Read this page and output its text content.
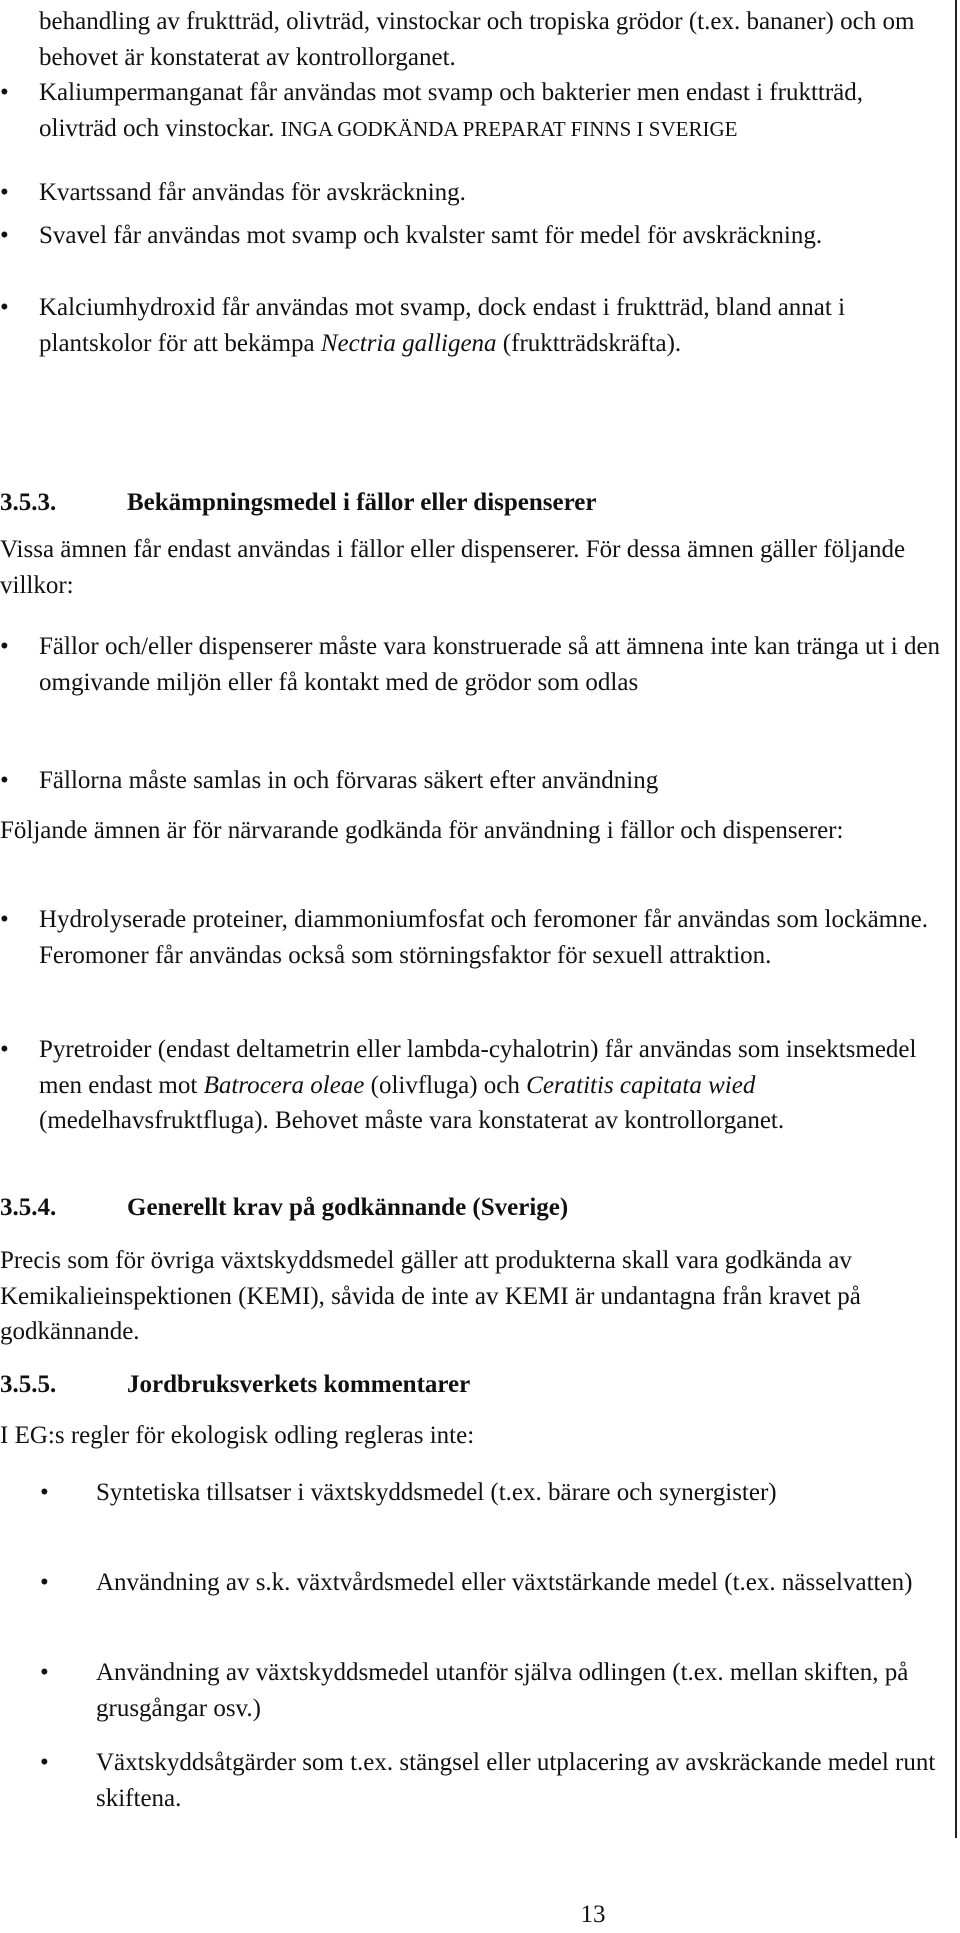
behandling av fruktträd, olivträd, vinstockar och tropiska grödor (t.ex. bananer) och om behovet är konstaterat av kontrollorganet.

•	Kaliumpermanganat får användas mot svamp och bakterier men endast i fruktträd, olivträd och vinstockar. INGA GODKÄNDA PREPARAT FINNS I SVERIGE
•	Kvartssand får användas för avskräckning.
•	Svavel får användas mot svamp och kvalster samt för medel för avskräckning.
•	Kalciumhydroxid får användas mot svamp, dock endast i fruktträd, bland annat i plantskolor för att bekämpa Nectria galligena (fruktträdskräfta).
3.5.3.	Bekämpningsmedel i fällor eller dispenserer

Vissa ämnen får endast användas i fällor eller dispenserer. För dessa ämnen gäller följande villkor:

•	Fällor och/eller dispenserer måste vara konstruerade så att ämnena inte kan tränga ut i den omgivande miljön eller få kontakt med de grödor som odlas
•	Fällorna måste samlas in och förvaras säkert efter användning

Följande ämnen är för närvarande godkända för användning i fällor och dispenserer:

•	Hydrolyserade proteiner, diammoniumfosfat och feromoner får användas som lockämne. Feromoner får användas också som störningsfaktor för sexuell attraktion.
•	Pyretroider (endast deltametrin eller lambda-cyhalotrin) får användas som insektsmedel men endast mot Batrocera oleae (olivfluga) och Ceratitis capitata wied (medelhavsfruktfluga). Behovet måste vara konstaterat av kontrollorganet.
3.5.4.	Generellt krav på godkännande (Sverige)

Precis som för övriga växtskyddsmedel gäller att produkterna skall vara godkända av Kemikalieinspektionen (KEMI), såvida de inte av KEMI är undantagna från kravet på godkännande.

3.5.5.	Jordbruksverkets kommentarer

I EG:s regler för ekologisk odling regleras inte:

•	Syntetiska tillsatser i växtskyddsmedel (t.ex. bärare och synergister)
•	Användning av s.k. växtvårdsmedel eller växtstärkande medel (t.ex. nässelvatten)
•	Användning av växtskyddsmedel utanför själva odlingen (t.ex. mellan skiften, på grusgångar osv.)
•	Växtskyddsåtgärder som t.ex. stängsel eller utplacering av avskräckande medel runt skiftena.
13
